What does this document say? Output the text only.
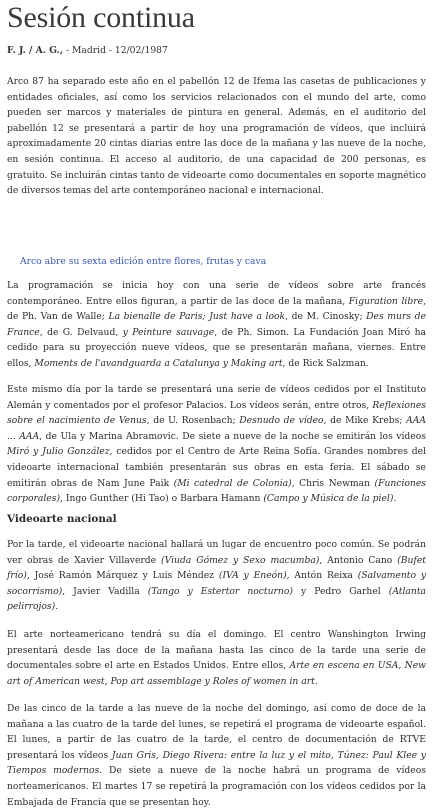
Sesión continua
F. J. / A. G., - Madrid - 12/02/1987

Arco 87 ha separado este año en el pabellón 12 de Ifema las casetas de publicaciones y entidades oficiales, así como los servicios relacionados con el mundo del arte, como pueden ser marcos y materiales de pintura en general. Además, en el auditorio del pabellón 12 se presentará a partir de hoy una programación de vídeos, que incluirá aproximadamente 20 cintas diarias entre las doce de la mañana y las nueve de la noche, en sesión continua. El acceso al auditorio, de una capacidad de 200 personas, es gratuito. Se incluirán cintas tanto de videoarte como documentales en soporte magnético de diversos temas del arte contemporáneo nacional e internacional.

Arco abre su sexta edición entre flores, frutas y cava

La programación se inicia hoy con una serie de vídeos sobre arte francés contemporáneo. Entre ellos figuran, a partir de las doce de la mañana, Figuration libre, de Ph. Van de Walle; La bienalle de Paris; Just have a look, de M. Cinosky; Des murs de France, de G. Delvaud, y Peinture sauvage, de Ph. Simon. La Fundación Joan Miró ha cedido para su proyección nueve vídeos, que se presentarán mañana, viernes. Entre ellos, Moments de l'avandguarda a Catalunya y Making art, de Rick Salzman.

Este mismo día por la tarde se presentará una serie de vídeos cedidos por el Instituto Alemán y comentados por el profesor Palacios. Los vídeos serán, entre otros, Reflexiones sobre el nacimiento de Venus, de U. Rosenbach; Desnudo de vídeo, de Mike Krebs; AAA ... AAA, de Ula y Marina Abramovic. De siete a nueve de la noche se emitirán los vídeos Miró y Julio González, cedidos por el Centro de Arte Reina Sofía. Grandes nombres del videoarte internacional también presentarán sus obras en esta feria. El sábado se emitirán obras de Nam June Paik (Mi catedral de Colonia), Chris Newman (Funciones corporales), Ingo Gunther (Hi Tao) o Barbara Hamann (Campo y Música de la piel).

Videoarte nacional

Por la tarde, el videoarte nacional hallará un lugar de encuentro poco común. Se podrán ver obras de Xavier Villaverde (Viuda Gómez y Sexo macumba), Antonio Cano (Bufet frío), José Ramón Márquez y Luis Méndez (IVA y Eneón), Antón Reixa (Salvamento y socorrismo), Javier Vadilla (Tango y Estertor nocturno) y Pedro Garhel (Atlanta pelirrojos).

El arte norteamericano tendrá su día el domingo. El centro Wanshington Irwing presentará desde las doce de la mañana hasta las cinco de la tarde una serie de documentales sobre el arte en Estados Unidos. Entre ellos, Arte en escena en USA, New art of American west, Pop art assemblage y Roles of women in art.

De las cinco de la tarde a las nueve de la noche del domingo, así como de doce de la mañana a las cuatro de la tarde del lunes, se repetirá el programa de videoarte español. El lunes, a partir de las cuatro de la tarde, el centro de documentación de RTVE presentará los vídeos Juan Gris, Diego Rivera: entre la luz y el mito, Túnez: Paul Klee y Tiempos modernos. De siete a nueve de la noche habrá un programa de vídeos norteamericanos. El martes 17 se repetirá la programación con los vídeos cedidos por la Embajada de Francia que se presentan hoy.
